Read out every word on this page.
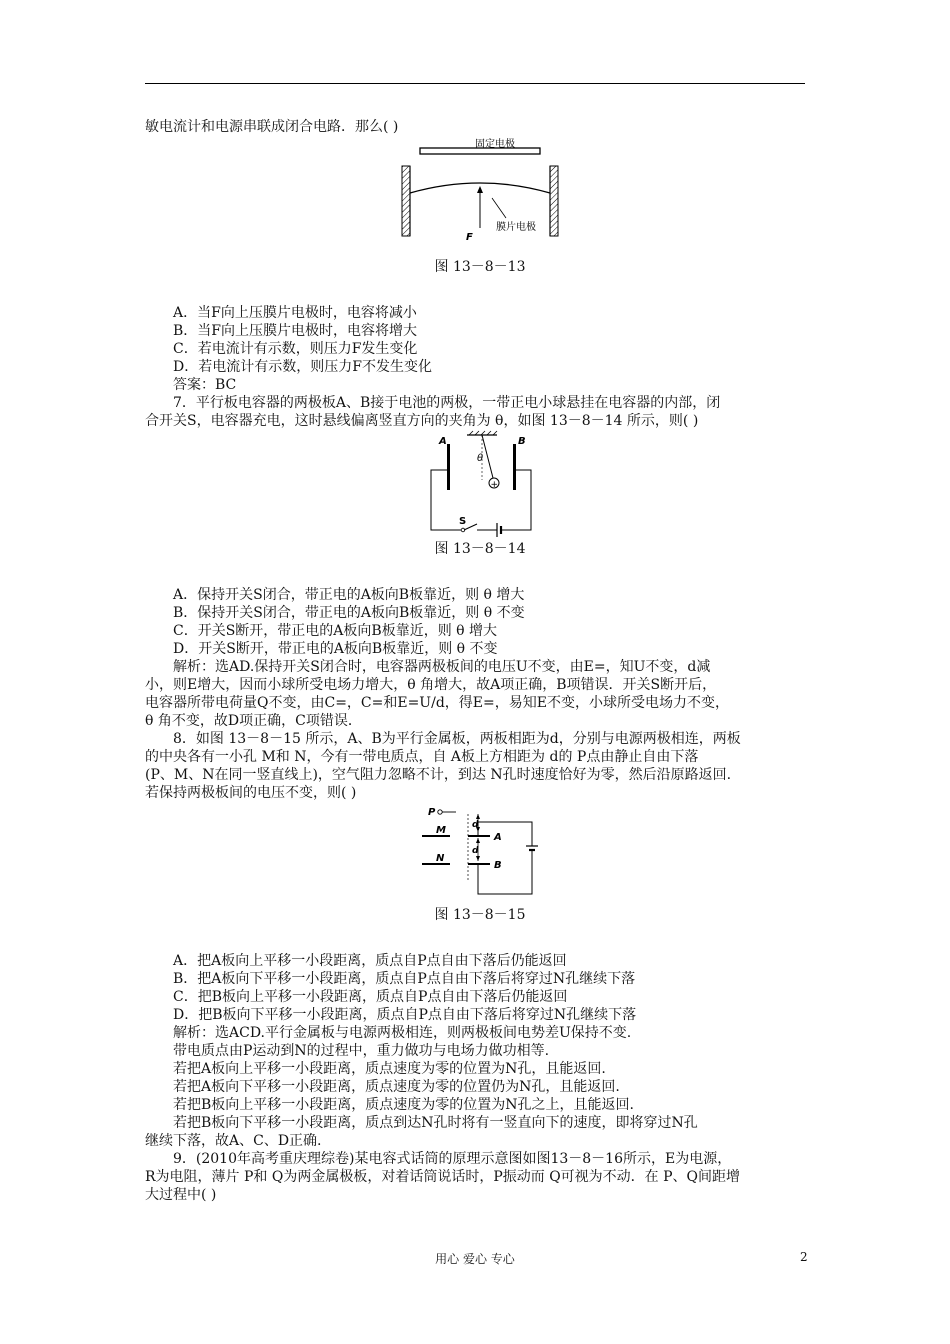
敏电流计和电源串联成闭合电路．那么( )
固定电极
F
膜片电极
图 13－8－13
A．当F向上压膜片电极时，电容将减小
B．当F向上压膜片电极时，电容将增大
C．若电流计有示数，则压力F发生变化
D．若电流计有示数，则压力F不发生变化
答案：BC
7．平行板电容器的两极板A、B接于电池的两极，一带正电小球悬挂在电容器的内部，闭
合开关S，电容器充电，这时悬线偏离竖直方向的夹角为 θ，如图 13－8－14 所示，则( )
+
θ
A	B
S
图 13－8－14
A．保持开关S闭合，带正电的A板向B板靠近，则 θ 增大
B．保持开关S闭合，带正电的A板向B板靠近，则 θ 不变
C．开关S断开，带正电的A板向B板靠近，则 θ 增大
D．开关S断开，带正电的A板向B板靠近，则 θ 不变
解析：选AD.保持开关S闭合时，电容器两极板间的电压U不变，由E=，知U不变，d减
小，则E增大，因而小球所受电场力增大，θ 角增大，故A项正确，B项错误．开关S断开后，
电容器所带电荷量Q不变，由C=，C=和E=U/d，得E=，易知E不变，小球所受电场力不变，
θ 角不变，故D项正确，C项错误．
8．如图 13－8－15 所示，A、B为平行金属板，两板相距为d，分别与电源两极相连，两板
的中央各有一小孔 M和 N，今有一带电质点，自 A板上方相距为 d的 P点由静止自由下落
(P、M、N在同一竖直线上)，空气阻力忽略不计，到达 N孔时速度恰好为零，然后沿原路返回.
若保持两极板间的电压不变，则( )
P
d
M
A
d
N
B
图 13－8－15
A．把A板向上平移一小段距离，质点自P点自由下落后仍能返回
B．把A板向下平移一小段距离，质点自P点自由下落后将穿过N孔继续下落
C．把B板向上平移一小段距离，质点自P点自由下落后仍能返回
D．把B板向下平移一小段距离，质点自P点自由下落后将穿过N孔继续下落
解析：选ACD.平行金属板与电源两极相连，则两极板间电势差U保持不变.
带电质点由P运动到N的过程中，重力做功与电场力做功相等.
若把A板向上平移一小段距离，质点速度为零的位置为N孔，且能返回.
若把A板向下平移一小段距离，质点速度为零的位置仍为N孔，且能返回.
若把B板向上平移一小段距离，质点速度为零的位置为N孔之上，且能返回.
若把B板向下平移一小段距离，质点到达N孔时将有一竖直向下的速度，即将穿过N孔
继续下落，故A、C、D正确.
9．(2010年高考重庆理综卷)某电容式话筒的原理示意图如图13－8－16所示，E为电源，
R为电阻，薄片 P和 Q为两金属极板，对着话筒说话时，P振动而 Q可视为不动．在 P、Q间距增
大过程中( )
用心 爱心 专心	2
